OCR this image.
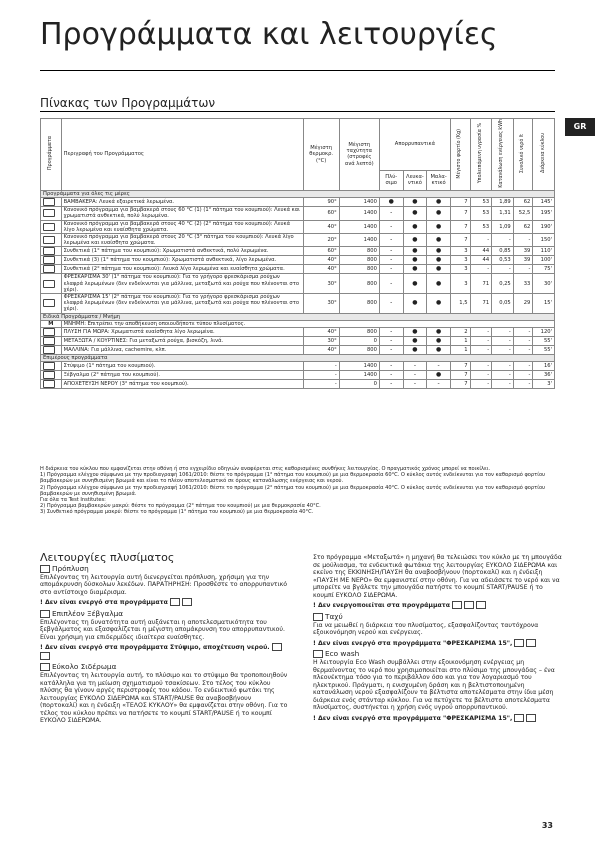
Προγράμματα και λειτουργίες
Πίνακας των Προγραμμάτων
GR
Προγράμματα	Περιγραφή του Προγράμματος	Μέγιστη θερμοκρ. (°C)	Μέγιστη ταχύτητα (στροφές ανά λεπτό)	Απορρυπαντικά			Μέγιστο φορτίο (Kg)	Υπολειπόμενη υγρασία %	Κατανάλωση ενέργειας kWh	Συνολικό νερό lt	Διάρκεια κύκλου
				Πλύ-σιμο	Λευκα-ντικό	Μαλα-κτικό					
Προγράμματα για όλες τις μέρες											
	ΒΑΜΒΑΚΕΡΑ: Λευκά εξαιρετικά λερωμένα.	90°	1400	●	●	●	7	53	1,89	62	145'
	Κανονικό πρόγραμμα για βαμβακερά στους 60 °C (1) (1° πάτημα του κουμπιού): Λευκά και χρωματιστά ανθεκτικά, πολύ λερωμένα.	60°	1400	-	●	●	7	53	1,31	52,5	195'
	Κανονικό πρόγραμμα για βαμβακερά στους 40 °C (2) (2° πάτημα του κουμπιού): Λευκά λίγο λερωμένα και ευαίσθητα χρώματα.	40°	1400	-	●	●	7	53	1,09	62	190'
	Κανονικό πρόγραμμα για βαμβακερά στους 20 °C (3° πάτημα του κουμπιού): Λευκά λίγο λερωμένα και ευαίσθητα χρώματα.	20°	1400	-	●	●	7	-	-	-	150'
	Συνθετικά (1° πάτημα του κουμπιού): Χρωματιστά ανθεκτικά, πολύ λερωμένα.	60°	800	-	●	●	3	44	0,85	39	110'
	Συνθετικά (3) (1° πάτημα του κουμπιού): Χρωματιστά ανθεκτικά, λίγο λερωμένα.	40°	800	-	●	●	3	44	0,53	39	100'
	Συνθετικά (2° πάτημα του κουμπιού): Λευκά λίγο λερωμένα και ευαίσθητα χρώματα.	40°	800	-	●	●	3	-	-	-	75'
	ΦΡΕΣΚΑΡΙΣΜΑ 30' (1° πάτημα του κουμπιού): Για το γρήγορο φρεσκάρισμα ρούχων ελαφρά λερωμένων (δεν ενδείκνυται για μάλλινα, μεταξωτά και ρούχα που πλένονται στο χέρι).	30°	800	-	●	●	3	71	0,25	33	30'
	ΦΡΕΣΚΑΡΙΣΜΑ 15' (2° πάτημα του κουμπιού): Για το γρήγορο φρεσκάρισμα ρούχων ελαφρά λερωμένων (δεν ενδείκνυται για μάλλινα, μεταξωτά και ρούχα που πλένονται στο χέρι).	30°	800	-	●	●	1,5	71	0,05	29	15'
Ειδικά Προγράμματα / Μνήμη											
M	ΜΝΗΜΗ: Επιτρέπει την αποθήκευση οποιουδήποτε τύπου πλυσίματος.										
	ΠΛΥΣΗ ΓΙΑ ΜΩΡΑ: Χρωματιστά ευαίσθητα λίγο λερωμένα.	40°	800	-	●	●	2	-	-	-	120'
	ΜΕΤΑΞΩΤΑ / ΚΟΥΡΤΙΝΕΣ: Για μεταξωτά ρούχα, βισκόζη, λινά.	30°	0	-	●	●	1	-	-	-	55'
	ΜΑΛΛΙΝΑ: Για μάλλινα, cachemire, κλπ.	40°	800	-	●	●	1	-	-	-	55'
Επιμέρους προγράμματα											
	Στύψιμο (1° πάτημα του κουμπιού).	-	1400	-	-	-	7	-	-	-	16'
	Ξέβγαλμα (2° πάτημα του κουμπιού).	-	1400	-	-	●	7	-	-	-	36'
	ΑΠΟΧΕΤΕΥΣΗ ΝΕΡΟΥ (3° πάτημα του κουμπιού).	-	0	-	-	-	7	-	-	-	3'
Η διάρκεια του κύκλου που εμφανίζεται στην οθόνη ή στο εγχειρίδιο οδηγιών αναφέρεται στις καθορισμένες συνθήκες λειτουργίας. Ο πραγματικός χρόνος μπορεί να ποικίλει.
1) Πρόγραμμα ελέγχου σύμφωνα με την προδιαγραφή 1061/2010: θέστε το πρόγραμμα (1° πάτημα του κουμπιού) με μια θερμοκρασία 60°C. Ο κύκλος αυτός ενδείκνυται για τον καθαρισμό φορτίου βαμβακερών με συνηθισμένη βρωμιά και είναι το πλέον αποτελεσματικό σε όρους κατανάλωσης ενέργειας και νερού.
2) Πρόγραμμα ελέγχου σύμφωνα με την προδιαγραφή 1061/2010: θέστε το πρόγραμμα (2° πάτημα του κουμπιού) με μια θερμοκρασία 40°C. Ο κύκλος αυτός ενδείκνυται για τον καθαρισμό φορτίου βαμβακερών με συνηθισμένη βρωμιά.
Για όλα τα Test Institutes:
2) Πρόγραμμα βαμβακερών μακρύ: θέστε το πρόγραμμα (2° πάτημα του κουμπιού) με μια θερμοκρασία 40°C.
3) Συνθετικό πρόγραμμα μακρύ: θέστε το πρόγραμμα (1° πάτημα του κουμπιού) με μια θερμοκρασία 40°C.
Λειτουργίες πλυσίματος
Πρόπλυση

Επιλέγοντας τη λειτουργία αυτή διενεργείται πρόπλυση, χρήσιμη για την απομάκρυνση δύσκολων λεκέδων. ΠΑΡΑΤΗΡΗΣΗ: Προσθέστε το απορρυπαντικό στο αντίστοιχο διαμέρισμα.

! Δεν είναι ενεργό στα προγράμματα

Επιπλέον Ξέβγαλμα

Επιλέγοντας τη δυνατότητα αυτή αυξάνεται η αποτελεσματικότητα του ξεβγάλματος και εξασφαλίζεται η μέγιστη απομάκρυνση του απορρυπαντικού. Είναι χρήσιμη για επιδερμίδες ιδιαίτερα ευαίσθητες.

! Δεν είναι ενεργό στα προγράμματα Στύψιμο, αποχέτευση νερού.

Εύκολο Σιδέρωμα

Επιλέγοντας τη λειτουργία αυτή, το πλύσιμο και το στύψιμο θα τροποποιηθούν κατάλληλα για τη μείωση σχηματισμού τσακίσεων. Στο τέλος του κύκλου πλύσης θα γίνουν αργές περιστροφές του κάδου. Το ενδεικτικό φωτάκι της λειτουργίας ΕΥΚΟΛΟ ΣΙΔΕΡΩΜΑ και START/PAUSE θα αναβοσβήνουν (πορτοκαλί) και η ένδειξη «ΤΕΛΟΣ ΚΥΚΛΟΥ» θα εμφανίζεται στην οθόνη. Για το τέλος του κύκλου πρέπει να πατήσετε το κουμπί START/PAUSE ή το κουμπί ΕΥΚΟΛΟ ΣΙΔΕΡΩΜΑ.

Στο πρόγραμμα «Μεταξωτά» η μηχανή θα τελειώσει τον κύκλο με τη μπουγάδα σε μούλιασμα, τα ενδεικτικά φωτάκια της λειτουργίας ΕΥΚΟΛΟ ΣΙΔΕΡΩΜΑ και εκείνο της ΕΚΚΙΝΗΣΗ/ΠΑΥΣΗ θα αναβοσβήνουν (πορτοκαλί) και η ένδειξη «ΠΑΥΣΗ ΜΕ ΝΕΡΟ» θα εμφανιστεί στην οθόνη. Για να αδειάσετε το νερό και να μπορείτε να βγάλετε την μπουγάδα πατήστε το κουμπί START/PAUSE ή το κουμπί ΕΥΚΟΛΟ ΣΙΔΕΡΩΜΑ.

! Δεν ενεργοποιείται στα προγράμματα

Ταχύ

Για να μειωθεί η διάρκεια του πλυσίματος, εξασφαλίζοντας ταυτόχρονα εξοικονόμηση νερού και ενέργειας.

! Δεν είναι ενεργό στα προγράμματα "ΦΡΕΣΚΑΡΙΣΜΑ 15",

Eco wash

Η λειτουργία Eco Wash συμβάλλει στην εξοικονόμηση ενέργειας μη θερμαίνοντας το νερό που χρησιμοποιείται στο πλύσιμο της μπουγάδας – ένα πλεονέκτημα τόσο για το περιβάλλον όσο και για τον λογαριασμό του ηλεκτρικού. Πράγματι, η ενισχυμένη δράση και η βελτιστοποιημένη κατανάλωση νερού εξασφαλίζουν τα βέλτιστα αποτελέσματα στην ίδια μέση διάρκεια ενός στάνταρ κύκλου. Για να πετύχετε τα βέλτιστα αποτελέσματα πλυσίματος, συστήνεται η χρήση ενός υγρού απορρυπαντικού.

! Δεν είναι ενεργό στα προγράμματα "ΦΡΕΣΚΑΡΙΣΜΑ 15",

33
